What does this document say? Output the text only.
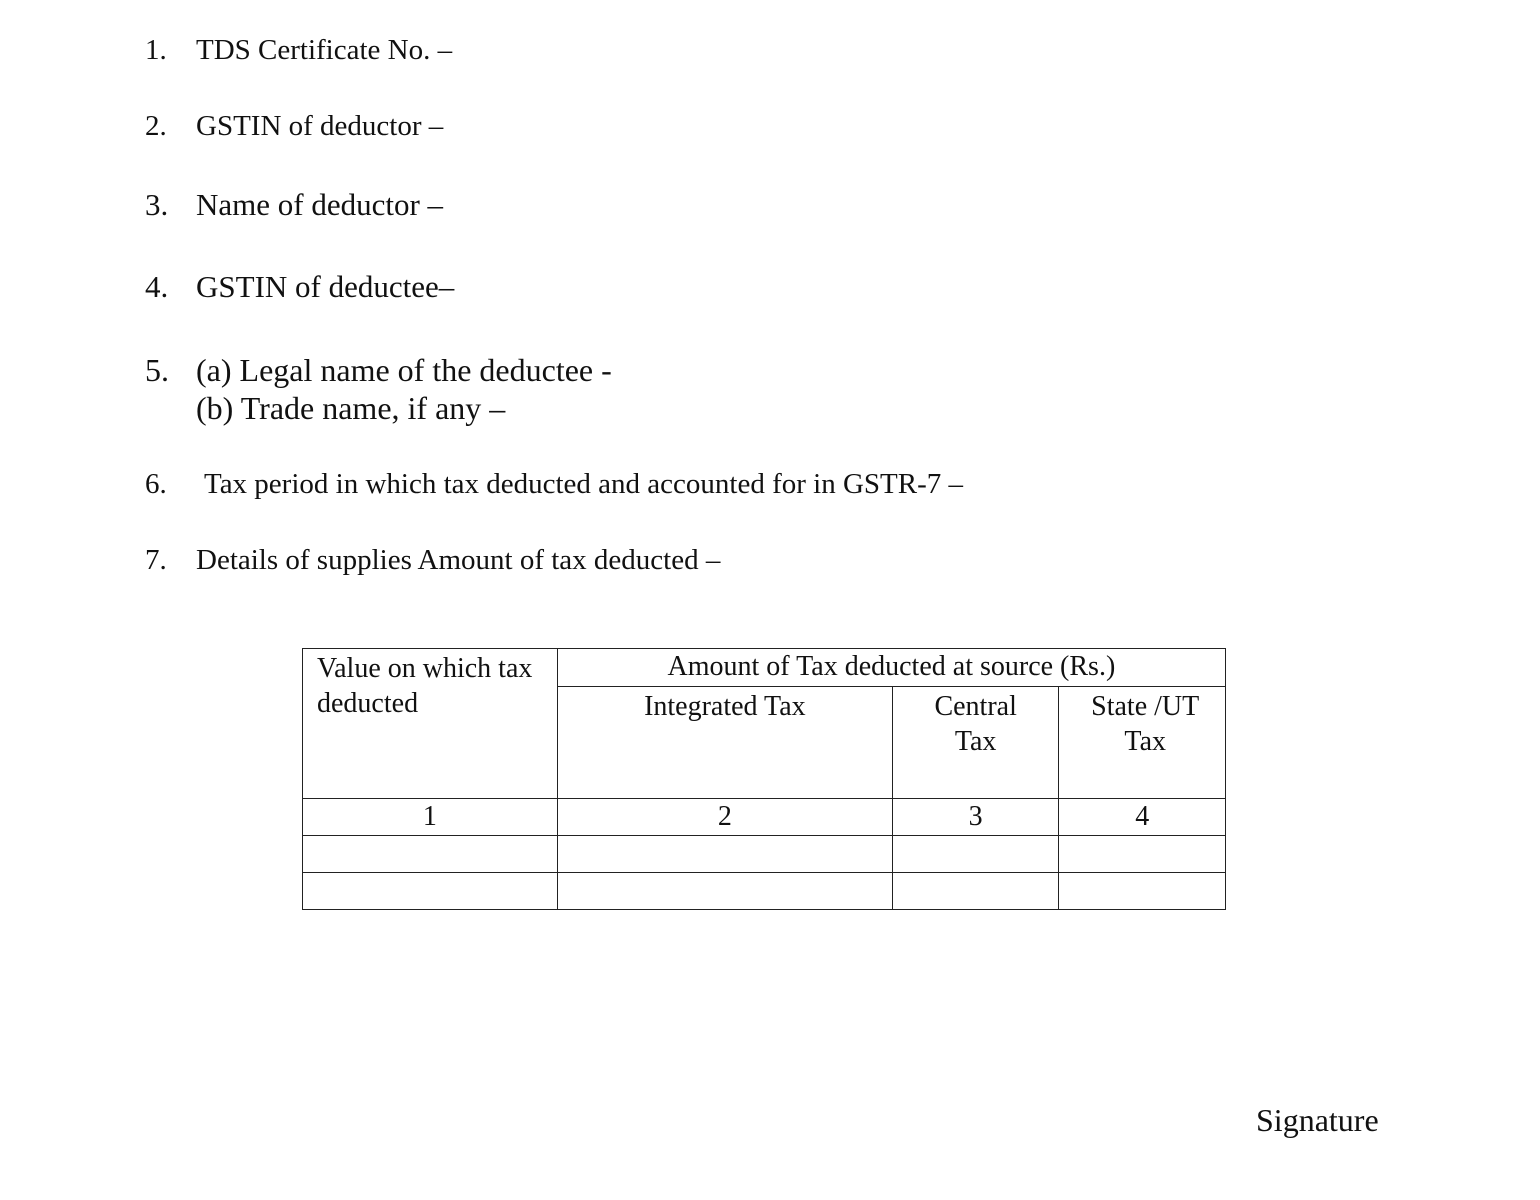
1. TDS Certificate No. –
2. GSTIN of deductor –
3. Name of deductor –
4. GSTIN of deductee–
5. (a) Legal name of the deductee -
(b) Trade name, if any –
6. Tax period in which tax deducted and accounted for in GSTR-7 –
7. Details of supplies Amount of tax deducted –
Value on which tax deducted	Amount of Tax deducted at source (Rs.)		
	Integrated Tax	Central Tax	State /UT Tax
1	2	3	4

Signature
